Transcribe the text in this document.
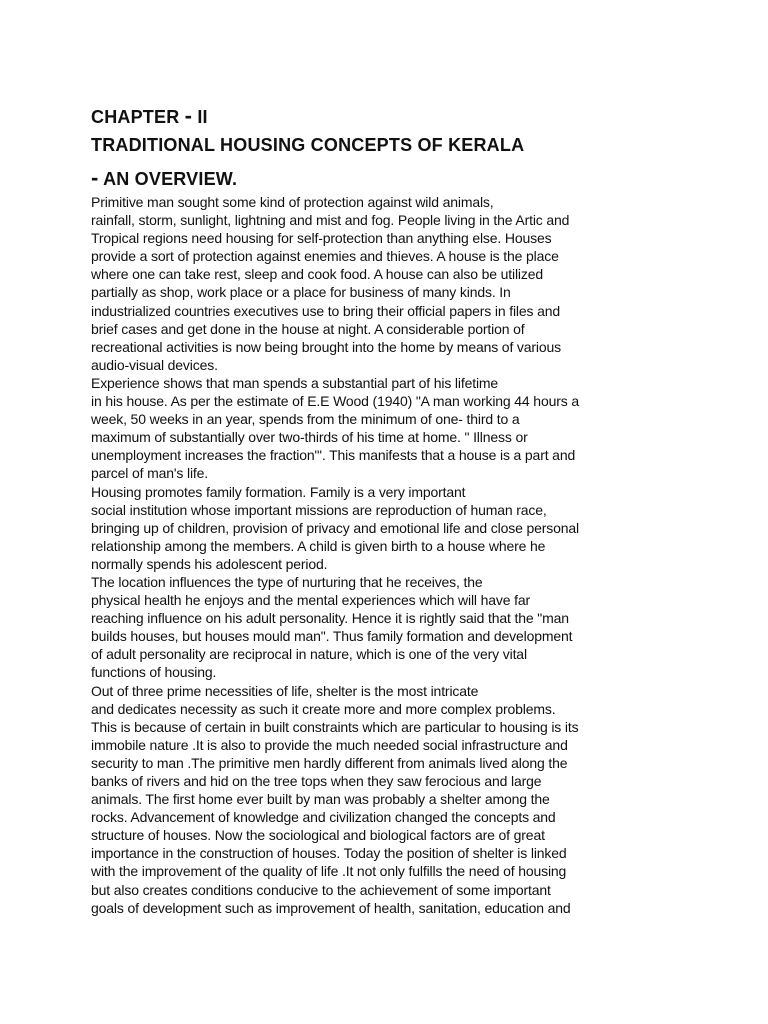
CHAPTER - II
TRADITIONAL HOUSING CONCEPTS OF KERALA
- AN OVERVIEW.
Primitive man sought some kind of protection against wild animals,
rainfall, storm, sunlight, lightning and mist and fog. People living in the Artic and
Tropical regions need housing for self-protection than anything else. Houses
provide a sort of protection against enemies and thieves. A house is the place
where one can take rest, sleep and cook food. A house can also be utilized
partially as shop, work place or a place for business of many kinds. In
industrialized countries executives use to bring their official papers in files and
brief cases and get done in the house at night. A considerable portion of
recreational activities is now being brought into the home by means of various
audio-visual devices.
Experience shows that man spends a substantial part of his lifetime
in his house. As per the estimate of E.E Wood (1940) "A man working 44 hours a
week, 50 weeks in an year, spends from the minimum of one- third to a
maximum of substantially over two-thirds of his time at home. " Illness or
unemployment increases the fraction"'. This manifests that a house is a part and
parcel of man's life.
Housing promotes family formation. Family is a very important
social institution whose important missions are reproduction of human race,
bringing up of children, provision of privacy and emotional life and close personal
relationship among the members. A child is given birth to a house where he
normally spends his adolescent period.
The location influences the type of nurturing that he receives, the
physical health he enjoys and the mental experiences which will have far
reaching influence on his adult personality. Hence it is rightly said that the "man
builds houses, but houses mould man". Thus family formation and development
of adult personality are reciprocal in nature, which is one of the very vital
functions of housing.
Out of three prime necessities of life, shelter is the most intricate
and dedicates necessity as such it create more and more complex problems.
This is because of certain in built constraints which are particular to housing is its
immobile nature .It is also to provide the much needed social infrastructure and
security to man .The primitive men hardly different from animals lived along the
banks of rivers and hid on the tree tops when they saw ferocious and large
animals. The first home ever built by man was probably a shelter among the
rocks. Advancement of knowledge and civilization changed the concepts and
structure of houses. Now the sociological and biological factors are of great
importance in the construction of houses. Today the position of shelter is linked
with the improvement of the quality of life .It not only fulfills the need of housing
but also creates conditions conducive to the achievement of some important
goals of development such as improvement of health, sanitation, education and
